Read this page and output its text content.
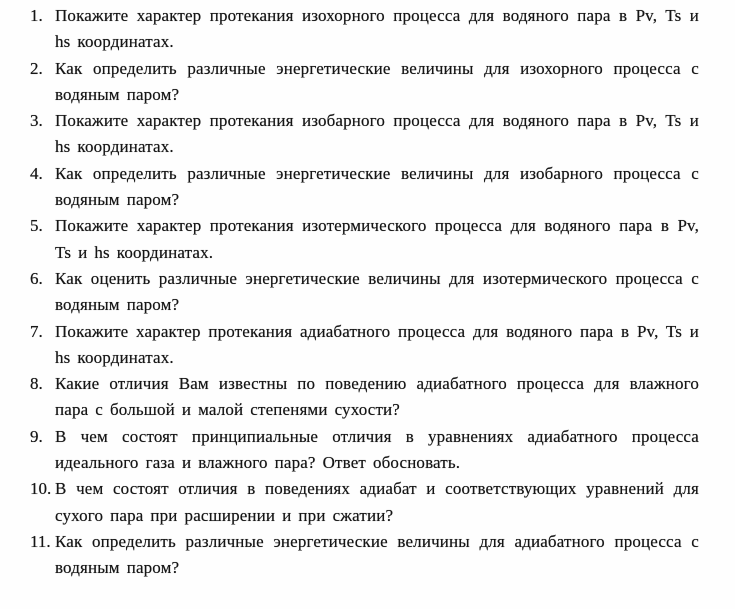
1. Покажите характер протекания изохорного процесса для водяного пара в Pv, Ts и hs координатах.
2. Как определить различные энергетические величины для изохорного процесса с водяным паром?
3. Покажите характер протекания изобарного процесса для водяного пара в Pv, Ts и hs координатах.
4. Как определить различные энергетические величины для изобарного процесса с водяным паром?
5. Покажите характер протекания изотермического процесса для водяного пара в Pv, Ts и hs координатах.
6. Как оценить различные энергетические величины для изотермического процесса с водяным паром?
7. Покажите характер протекания адиабатного процесса для водяного пара в Pv, Ts и hs координатах.
8. Какие отличия Вам известны по поведению адиабатного процесса для влажного пара с большой и малой степенями сухости?
9. В чем состоят принципиальные отличия в уравнениях адиабатного процесса идеального газа и влажного пара? Ответ обосновать.
10. В чем состоят отличия в поведениях адиабат и соответствующих уравнений для сухого пара при расширении и при сжатии?
11. Как определить различные энергетические величины для адиабатного процесса с водяным паром?
